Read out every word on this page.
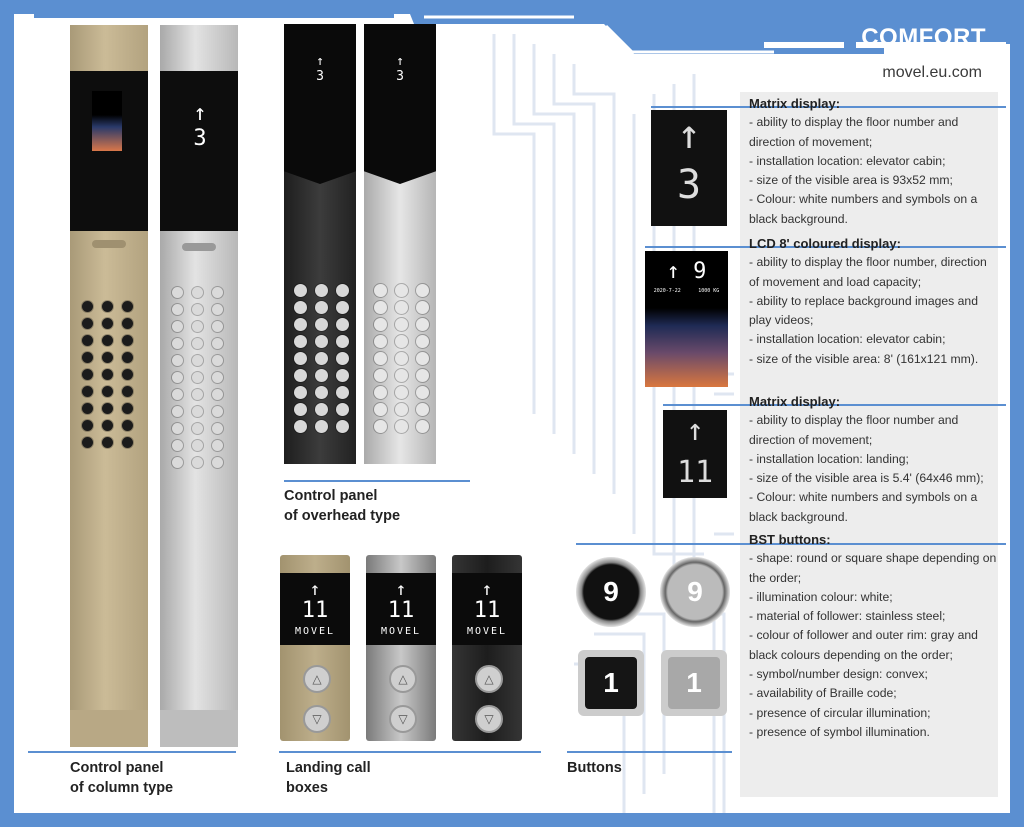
COMFORT
movel.eu.com
↑
3
Control panel
of column type
↑
3
↑
3
Control panel
of overhead type
↑
11
MOVEL
△
▽
↑
11
MOVEL
△
▽
↑
11
MOVEL
△
▽
Landing call
boxes
9 9
1 1
Buttons
↑
3
↑ 9
2020-7-22	1000 KG
↑
11
Matrix display:

- ability to display the floor number and direction of movement;

- installation location: elevator cabin;

- size of the visible area is 93x52 mm;

- Colour: white numbers and symbols on a black background.

LCD 8' coloured display:

- ability to display the floor number, direction of movement and load capacity;

- ability to replace background images and play videos;

- installation location: elevator cabin;

- size of the visible area: 8' (161x121 mm).

Matrix display:

- ability to display the floor number and direction of movement;

- installation location: landing;

- size of the visible area is 5.4' (64x46 mm);

- Colour: white numbers and symbols on a black background.

BST buttons:

- shape: round or square shape depending on the order;

- illumination colour: white;

- material of follower: stainless steel;

- colour of follower and outer rim: gray and black colours depending on the order;

- symbol/number design: convex;

- availability of Braille code;

- presence of circular illumination;

- presence of symbol illumination.
